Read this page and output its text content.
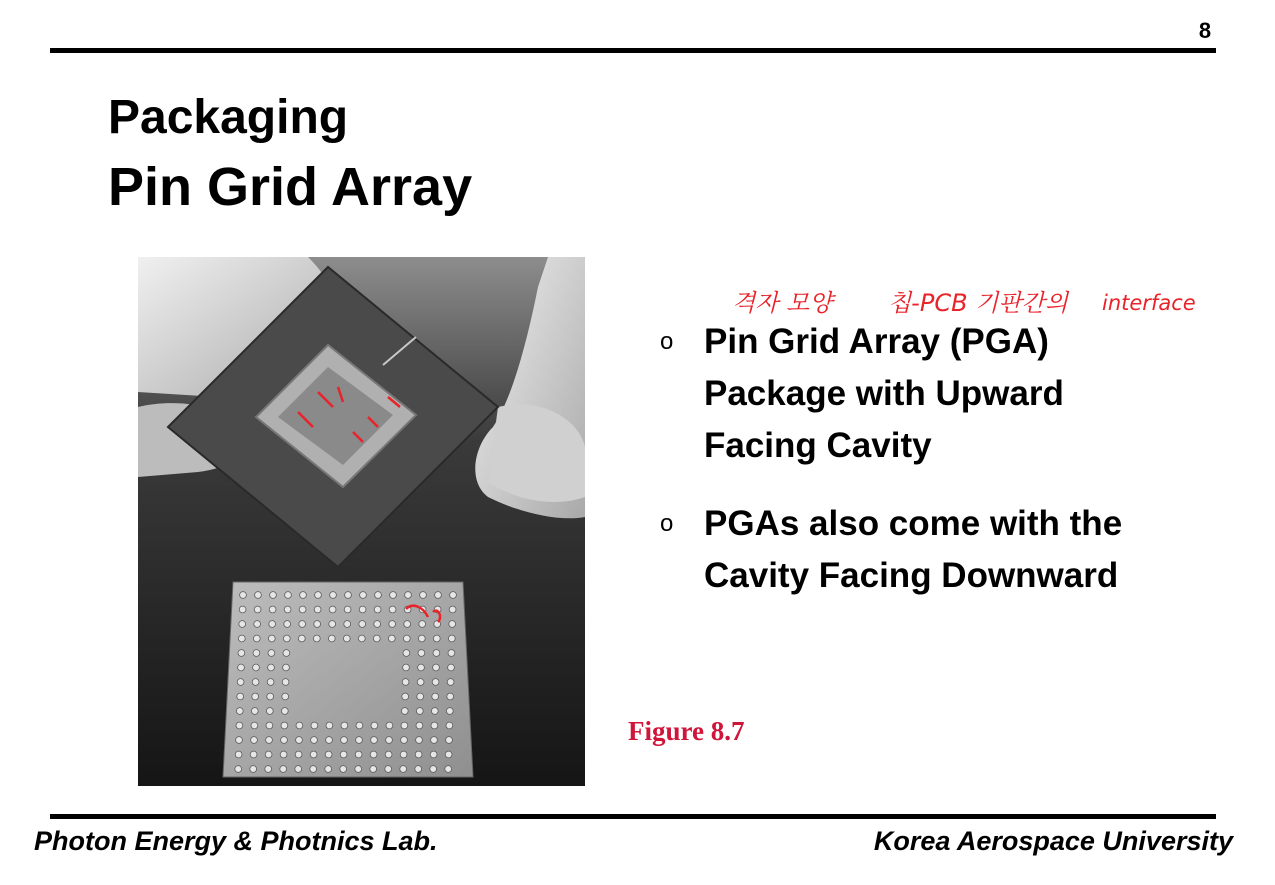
8
Packaging
Pin Grid Array
격자 모양 칩-PCB 기판간의 interface
o Pin Grid Array (PGA) Package with Upward Facing Cavity
o PGAs also come with the Cavity Facing Downward
Figure 8.7
Photon Energy & Photnics Lab.	Korea Aerospace University
